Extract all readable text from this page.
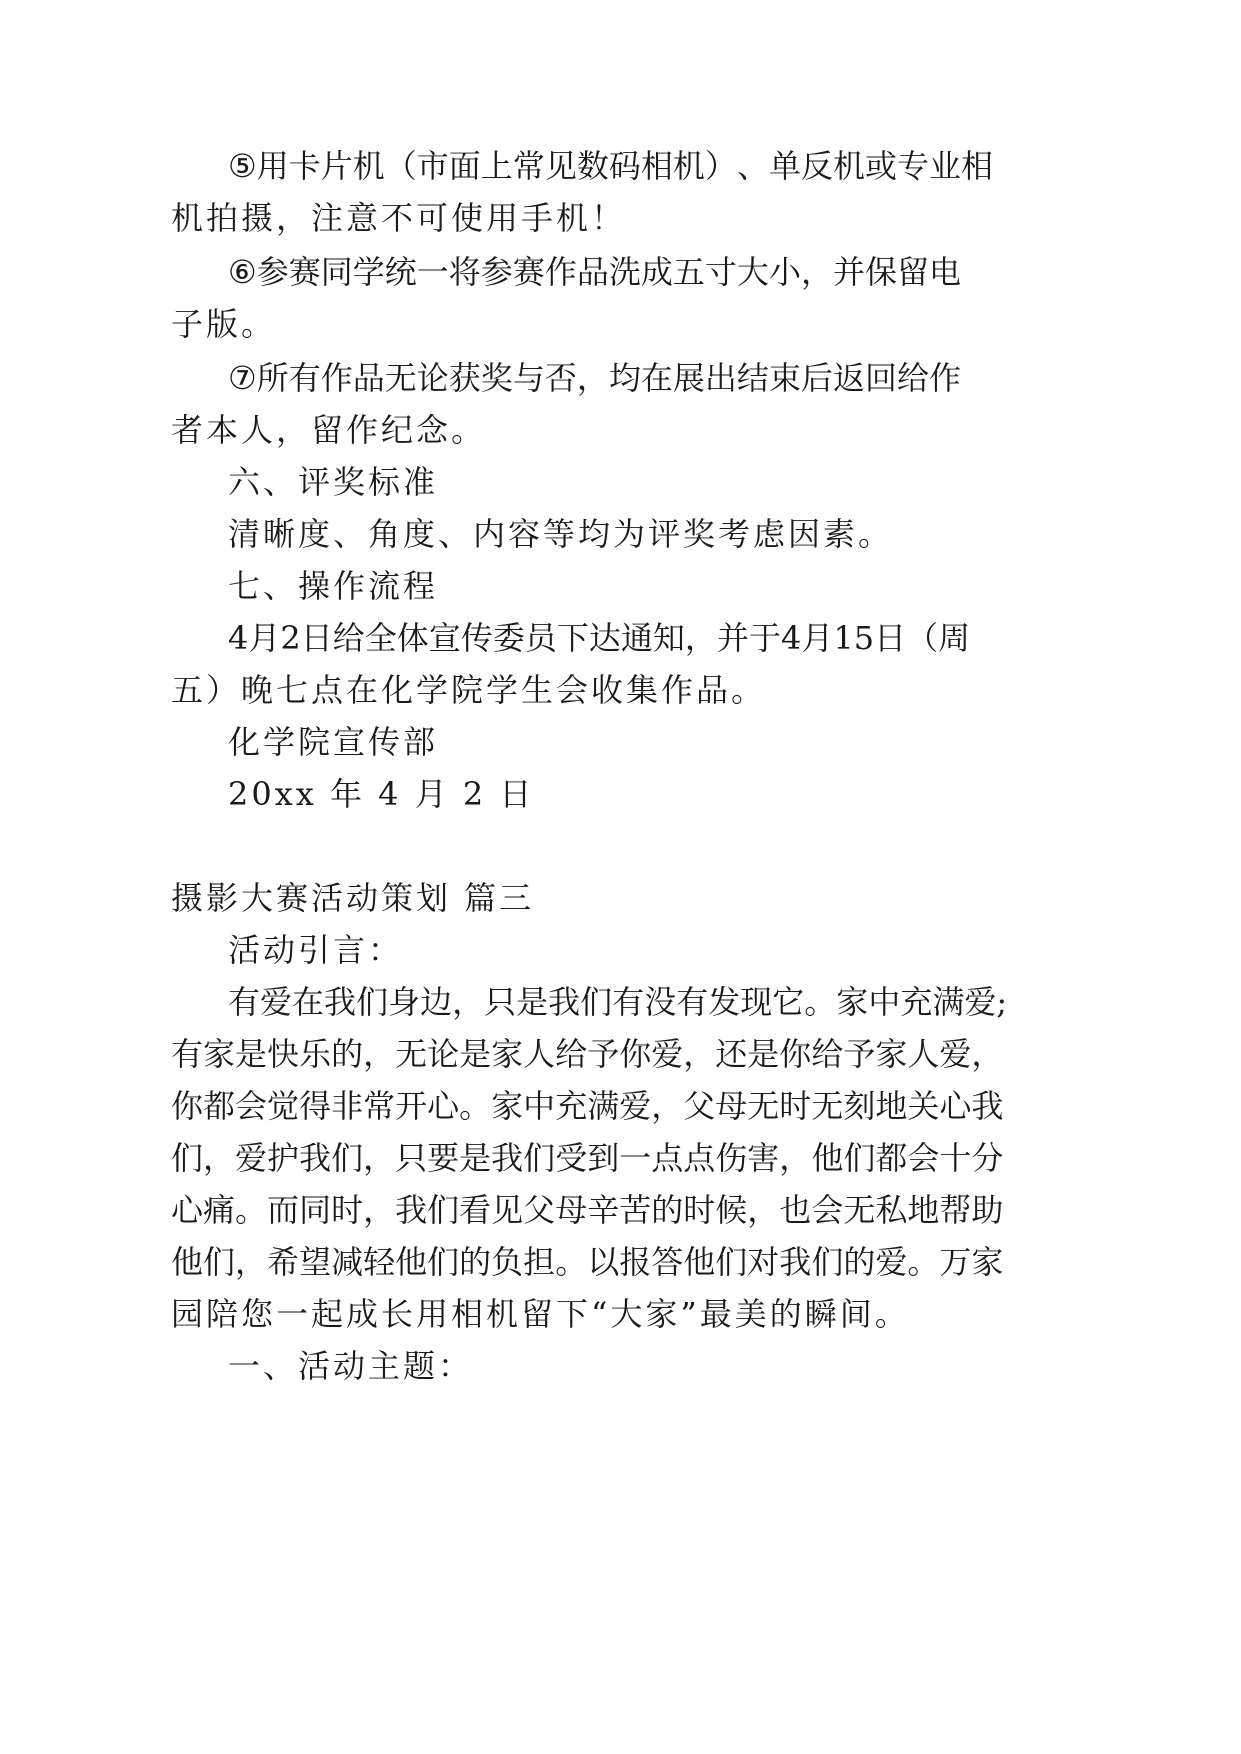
⑤ 用 卡 片 机 （ 市 面 上 常 见 数 码 相 机 ） 、 单 反 机 或 专 业 相

机拍摄，注意不可使用手机！

⑥ 参 赛 同 学 统 一 将 参 赛 作 品 洗 成 五 寸 大 小 ， 并 保 留 电

子版。

⑦ 所 有 作 品 无 论 获 奖 与 否 ， 均 在 展 出 结 束 后 返 回 给 作

者本人，留作纪念。

六、评奖标准

清晰度、角度、内容等均为评奖考虑因素。

七、操作流程

4 月 2 日 给 全 体 宣 传 委 员 下 达 通 知 ， 并 于 4 月 15 日 （ 周

五）晚七点在化学院学生会收集作品。

化学院宣传部

20xx 年 4 月 2 日

摄影大赛活动策划 篇三

活动引言：

有 爱 在 我 们 身 边 ， 只 是 我 们 有 没 有 发 现 它 。 家 中 充 满 爱 ;

有 家 是 快 乐 的 ， 无 论 是 家 人 给 予 你 爱 ， 还 是 你 给 予 家 人 爱 ，

你 都 会 觉 得 非 常 开 心 。 家 中 充 满 爱 ， 父 母 无 时 无 刻 地 关 心 我

们 ， 爱 护 我 们 ， 只 要 是 我 们 受 到 一 点 点 伤 害 ， 他 们 都 会 十 分

心 痛 。 而 同 时 ， 我 们 看 见 父 母 辛 苦 的 时 候 ， 也 会 无 私 地 帮 助

他 们 ， 希 望 减 轻 他 们 的 负 担 。 以 报 答 他 们 对 我 们 的 爱 。 万 家

园陪您一起成长用相机留下“大家”最美的瞬间。

一、活动主题：
